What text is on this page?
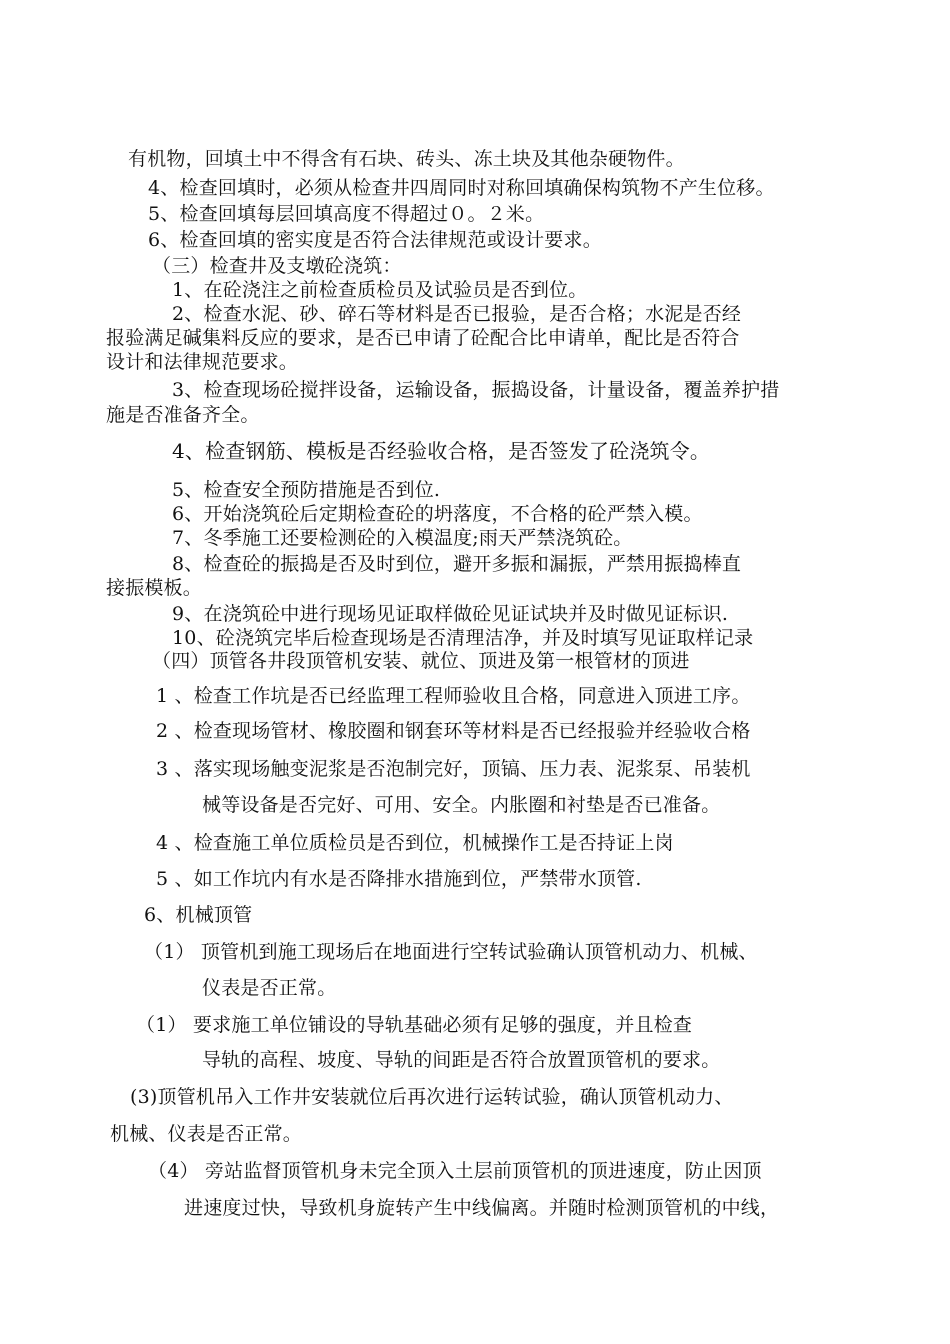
有机物，回填土中不得含有石块、砖头、冻土块及其他杂硬物件。
4、检查回填时，必须从检查井四周同时对称回填确保构筑物不产生位移。
5、检查回填每层回填高度不得超过０。２米。
6、检查回填的密实度是否符合法律规范或设计要求。
（三）检查井及支墩砼浇筑：
1、在砼浇注之前检查质检员及试验员是否到位。
2、检查水泥、砂、碎石等材料是否已报验，是否合格；水泥是否经
报验满足碱集料反应的要求，是否已申请了砼配合比申请单，配比是否符合
设计和法律规范要求。
3、检查现场砼搅拌设备，运输设备，振捣设备，计量设备，覆盖养护措
施是否准备齐全。
4、检查钢筋、模板是否经验收合格，是否签发了砼浇筑令。
5、检查安全预防措施是否到位.
6、开始浇筑砼后定期检查砼的坍落度，不合格的砼严禁入模。
7、冬季施工还要检测砼的入模温度;雨天严禁浇筑砼。
8、检查砼的振捣是否及时到位，避开多振和漏振，严禁用振捣棒直
接振模板。
9、在浇筑砼中进行现场见证取样做砼见证试块并及时做见证标识.
10、砼浇筑完毕后检查现场是否清理洁净，并及时填写见证取样记录
（四）顶管各井段顶管机安装、就位、顶进及第一根管材的顶进
1 、检查工作坑是否已经监理工程师验收且合格，同意进入顶进工序。
2 、检查现场管材、橡胶圈和钢套环等材料是否已经报验并经验收合格
3 、落实现场触变泥浆是否泡制完好，顶镐、压力表、泥浆泵、吊装机
械等设备是否完好、可用、安全。内胀圈和衬垫是否已准备。
4 、检查施工单位质检员是否到位，机械操作工是否持证上岗
5 、如工作坑内有水是否降排水措施到位，严禁带水顶管.
6、机械顶管
（1） 顶管机到施工现场后在地面进行空转试验确认顶管机动力、机械、
仪表是否正常。
（1） 要求施工单位铺设的导轨基础必须有足够的强度，并且检查
导轨的高程、坡度、导轨的间距是否符合放置顶管机的要求。
(3)顶管机吊入工作井安装就位后再次进行运转试验，确认顶管机动力、
机械、仪表是否正常。
（4） 旁站监督顶管机身未完全顶入土层前顶管机的顶进速度，防止因顶
进速度过快，导致机身旋转产生中线偏离。并随时检测顶管机的中线，
